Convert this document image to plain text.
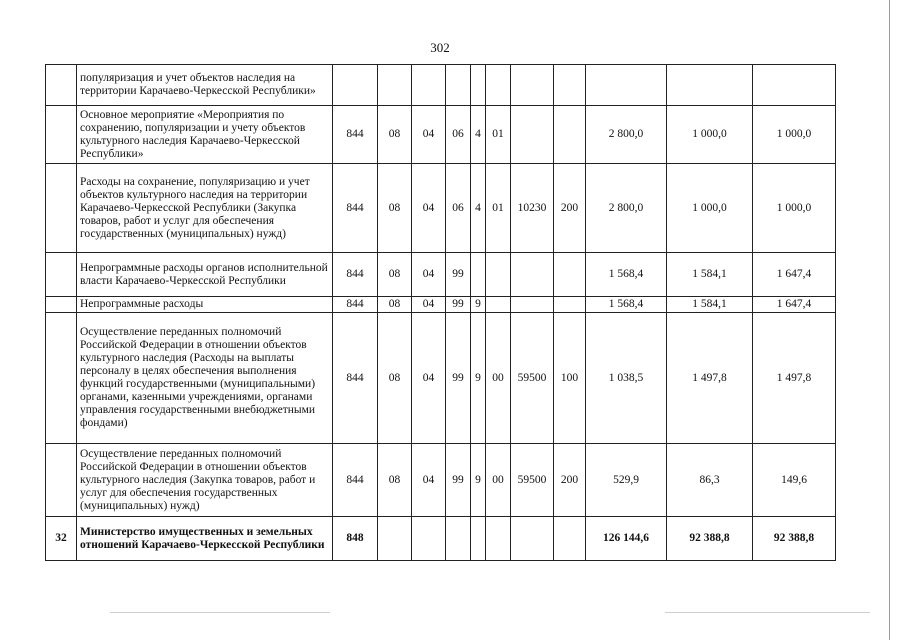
302
	популяризация и учет объектов наследия на территории Карачаево-Черкесской Республики»											
	Основное мероприятие «Мероприятия по сохранению, популяризации и учету объектов культурного наследия Карачаево-Черкесской Республики»	844	08	04	06	4	01			2 800,0	1 000,0	1 000,0
	Расходы на сохранение, популяризацию и учет объектов культурного наследия на территории Карачаево-Черкесской Республики (Закупка товаров, работ и услуг для обеспечения государственных (муниципальных) нужд)	844	08	04	06	4	01	10230	200	2 800,0	1 000,0	1 000,0
	Непрограммные расходы органов исполнительной власти Карачаево-Черкесской Республики	844	08	04	99					1 568,4	1 584,1	1 647,4
	Непрограммные расходы	844	08	04	99	9				1 568,4	1 584,1	1 647,4
	Осуществление переданных полномочий Российской Федерации в отношении объектов культурного наследия (Расходы на выплаты персоналу в целях обеспечения выполнения функций государственными (муниципальными) органами, казенными учреждениями, органами управления государственными внебюджетными фондами)	844	08	04	99	9	00	59500	100	1 038,5	1 497,8	1 497,8
	Осуществление переданных полномочий Российской Федерации в отношении объектов культурного наследия (Закупка товаров, работ и услуг для обеспечения государственных (муниципальных) нужд)	844	08	04	99	9	00	59500	200	529,9	86,3	149,6
32	Министерство имущественных и земельных отношений Карачаево-Черкесской Республики	848								126 144,6	92 388,8	92 388,8
